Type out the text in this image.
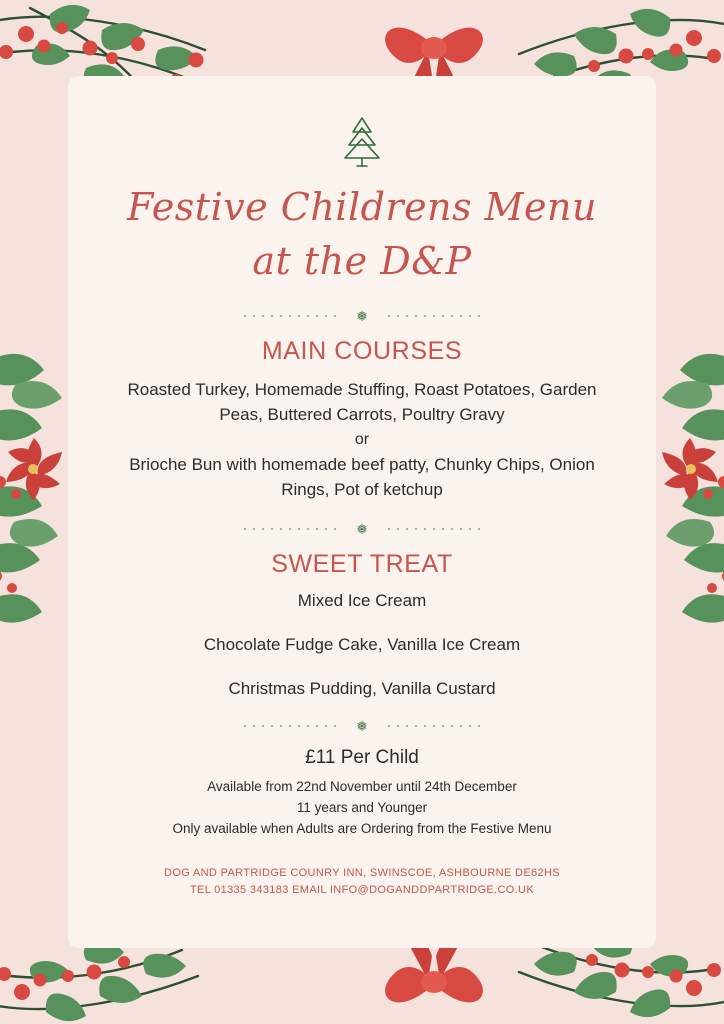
Festive Childrens Menu at the D&P
❅
MAIN COURSES

Roasted Turkey, Homemade Stuffing, Roast Potatoes, Garden Peas, Buttered Carrots, Poultry Gravy

or

Brioche Bun with homemade beef patty, Chunky Chips, Onion Rings, Pot of ketchup

❅
SWEET TREAT

Mixed Ice Cream

Chocolate Fudge Cake, Vanilla Ice Cream

Christmas Pudding, Vanilla Custard

❅

£11 Per Child

Available from 22nd November until 24th December

11 years and Younger

Only available when Adults are Ordering from the Festive Menu

DOG AND PARTRIDGE COUNRY INN, SWINSCOE, ASHBOURNE DE62HS
TEL 01335 343183 EMAIL INFO@DOGANDDPARTRIDGE.CO.UK
